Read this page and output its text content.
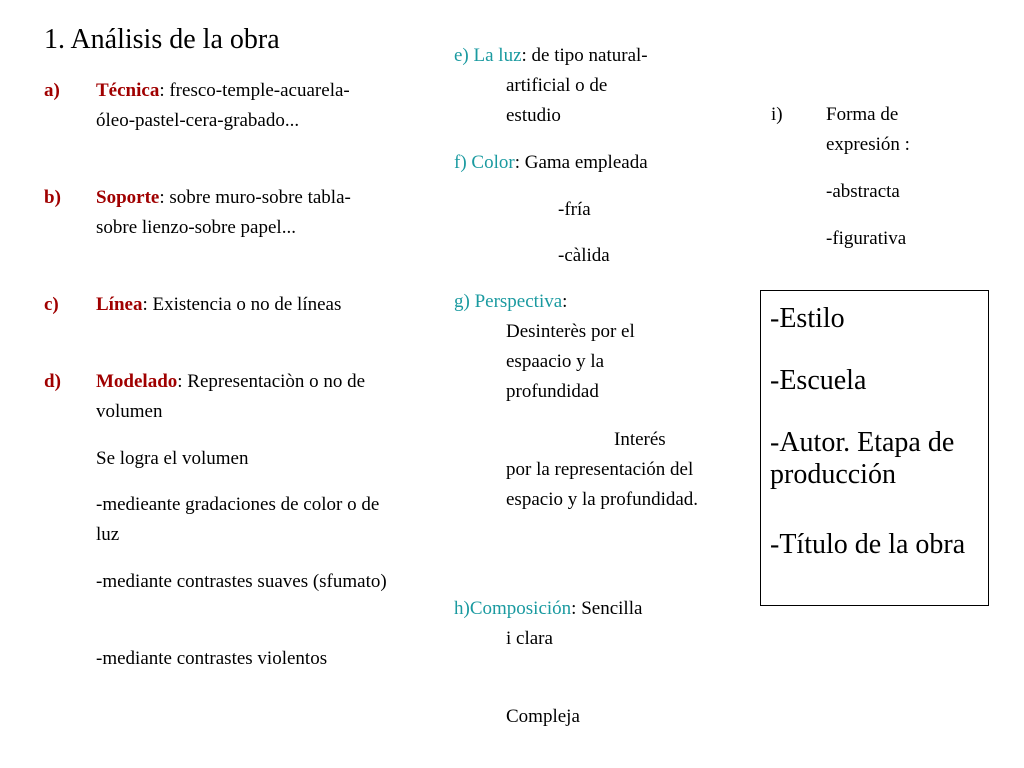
1. Análisis de la obra
a) Técnica: fresco-temple-acuarela-óleo-pastel-cera-grabado...
b) Soporte: sobre muro-sobre tabla-sobre lienzo-sobre papel...
c) Línea: Existencia o no de líneas
d) Modelado: Representaciòn o no de volumen
Se logra el volumen
-medieante gradaciones de color o de luz
-mediante contrastes suaves (sfumato)
-mediante contrastes violentos
e) La luz: de tipo natural-
artificial o de estudio
f) Color: Gama empleada
-fría
-càlida
g) Perspectiva:
Desinterès por el espaacio y la profundidad
Interés
por la representación del espacio y la profundidad.
h)Composición: Sencilla
i clara
Compleja
i) Forma de expresión :
-abstracta
-figurativa
-Estilo
-Escuela
-Autor. Etapa de producción
-Título de la obra
